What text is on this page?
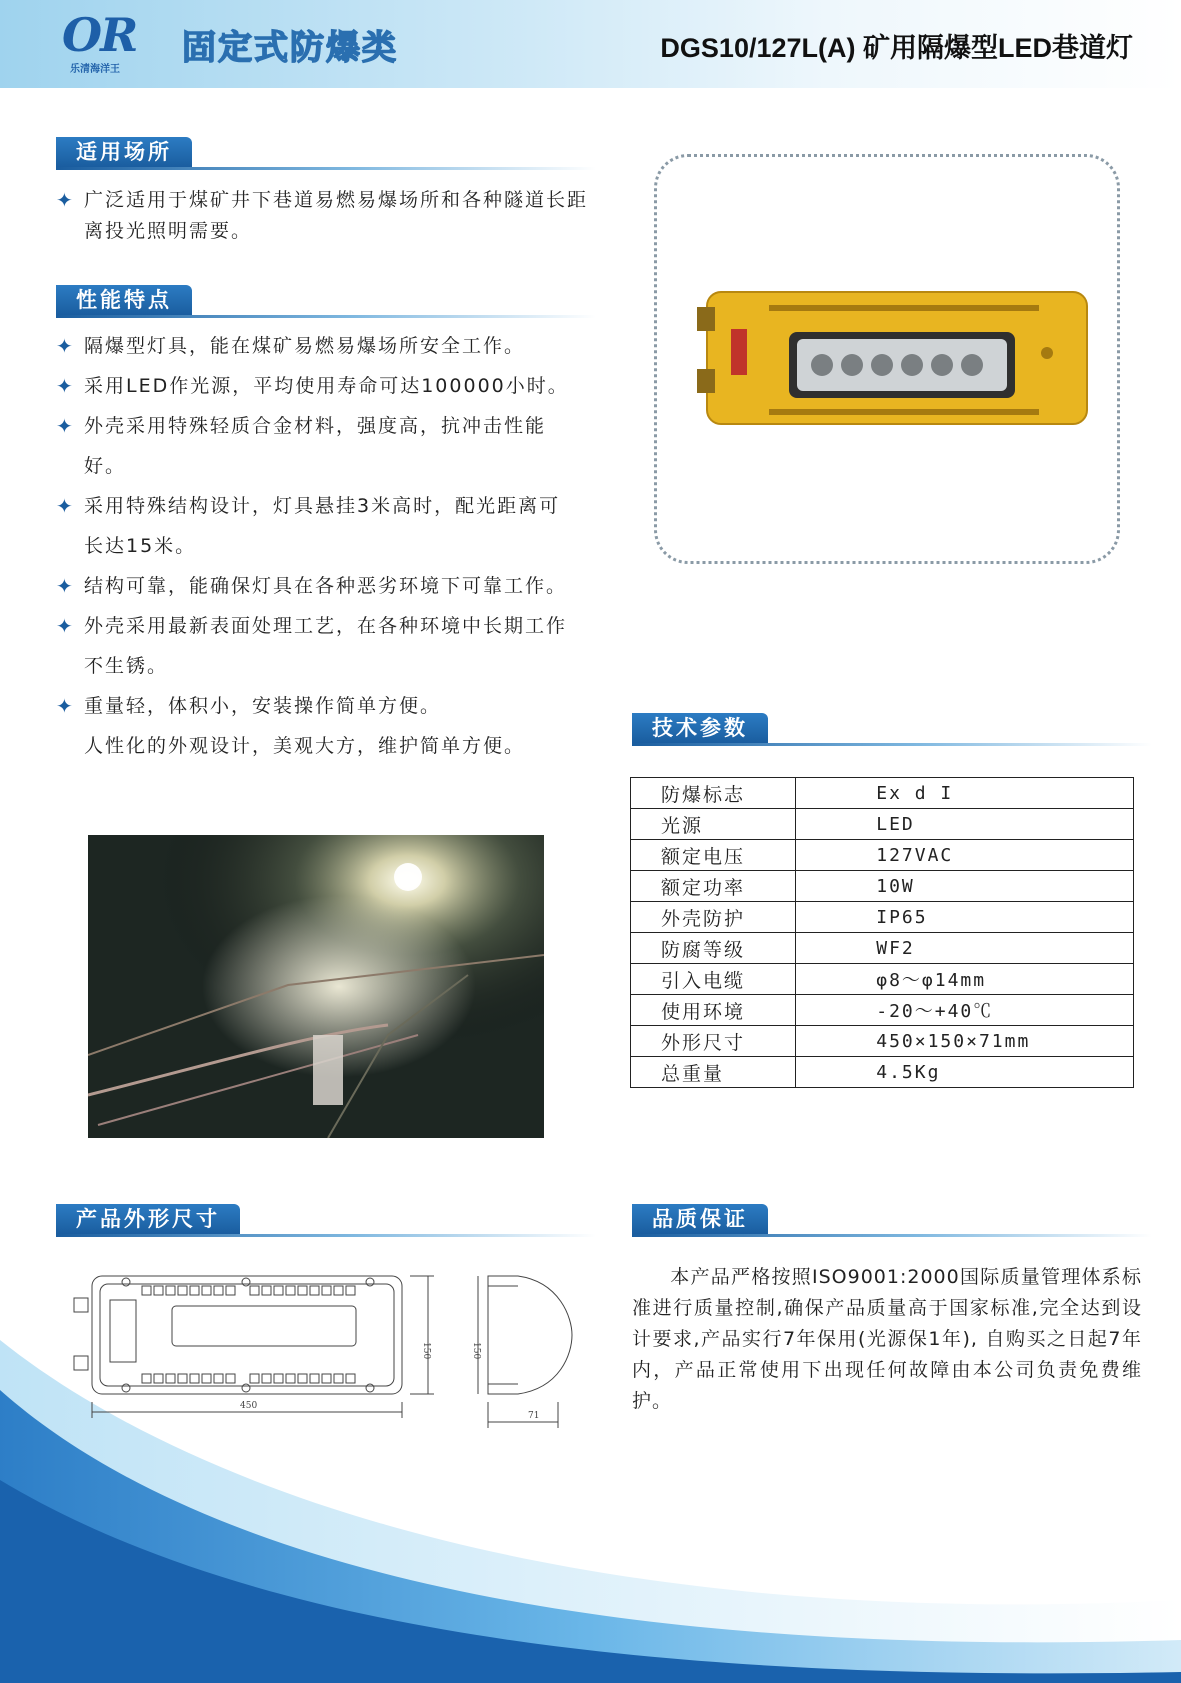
OR
乐清海洋王
固定式防爆类	DGS10/127L(A) 矿用隔爆型LED巷道灯
适用场所
✦ 广泛适用于煤矿井下巷道易燃易爆场所和各种隧道长距离投光照明需要。
性能特点
✦ 隔爆型灯具，能在煤矿易燃易爆场所安全工作。
✦ 采用LED作光源，平均使用寿命可达100000小时。
✦ 外壳采用特殊轻质合金材料，强度高，抗冲击性能好。
✦ 采用特殊结构设计，灯具悬挂3米高时，配光距离可长达15米。
✦ 结构可靠，能确保灯具在各种恶劣环境下可靠工作。
✦ 外壳采用最新表面处理工艺，在各种环境中长期工作不生锈。
✦ 重量轻，体积小，安装操作简单方便。
人性化的外观设计，美观大方，维护简单方便。
技术参数
防爆标志	Ex d I
光源	LED
额定电压	127VAC
额定功率	10W
外壳防护	IP65
防腐等级	WF2
引入电缆	φ8～φ14mm
使用环境	-20～+40℃
外形尺寸	450×150×71mm
总重量	4.5Kg
产品外形尺寸
450
150	150
71
品质保证
本产品严格按照ISO9001:2000国际质量管理体系标准进行质量控制,确保产品质量高于国家标准,完全达到设计要求,产品实行7年保用(光源保1年), 自购买之日起7年内，产品正常使用下出现任何故障由本公司负责免费维护。
